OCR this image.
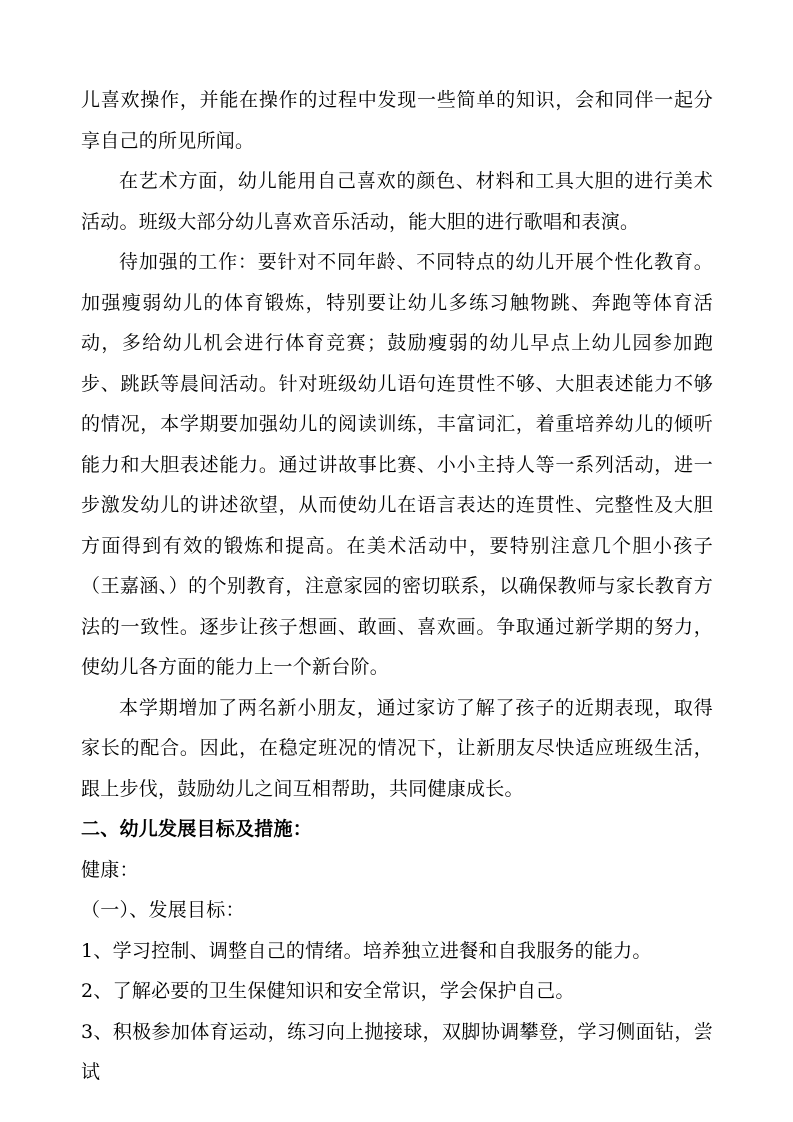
儿喜欢操作，并能在操作的过程中发现一些简单的知识，会和同伴一起分享自己的所见所闻。

在艺术方面，幼儿能用自己喜欢的颜色、材料和工具大胆的进行美术活动。班级大部分幼儿喜欢音乐活动，能大胆的进行歌唱和表演。

待加强的工作：要针对不同年龄、不同特点的幼儿开展个性化教育。加强瘦弱幼儿的体育锻炼，特别要让幼儿多练习触物跳、奔跑等体育活动，多给幼儿机会进行体育竞赛；鼓励瘦弱的幼儿早点上幼儿园参加跑步、跳跃等晨间活动。针对班级幼儿语句连贯性不够、大胆表述能力不够的情况，本学期要加强幼儿的阅读训练，丰富词汇，着重培养幼儿的倾听能力和大胆表述能力。通过讲故事比赛、小小主持人等一系列活动，进一步激发幼儿的讲述欲望，从而使幼儿在语言表达的连贯性、完整性及大胆方面得到有效的锻炼和提高。在美术活动中，要特别注意几个胆小孩子（王嘉涵、）的个别教育，注意家园的密切联系，以确保教师与家长教育方法的一致性。逐步让孩子想画、敢画、喜欢画。争取通过新学期的努力，使幼儿各方面的能力上一个新台阶。

本学期增加了两名新小朋友，通过家访了解了孩子的近期表现，取得家长的配合。因此，在稳定班况的情况下，让新朋友尽快适应班级生活，跟上步伐，鼓励幼儿之间互相帮助，共同健康成长。

二、幼儿发展目标及措施：

健康：

（一）、发展目标：

1、学习控制、调整自己的情绪。培养独立进餐和自我服务的能力。

2、了解必要的卫生保健知识和安全常识，学会保护自己。

3、积极参加体育运动，练习向上抛接球，双脚协调攀登，学习侧面钻，尝试
